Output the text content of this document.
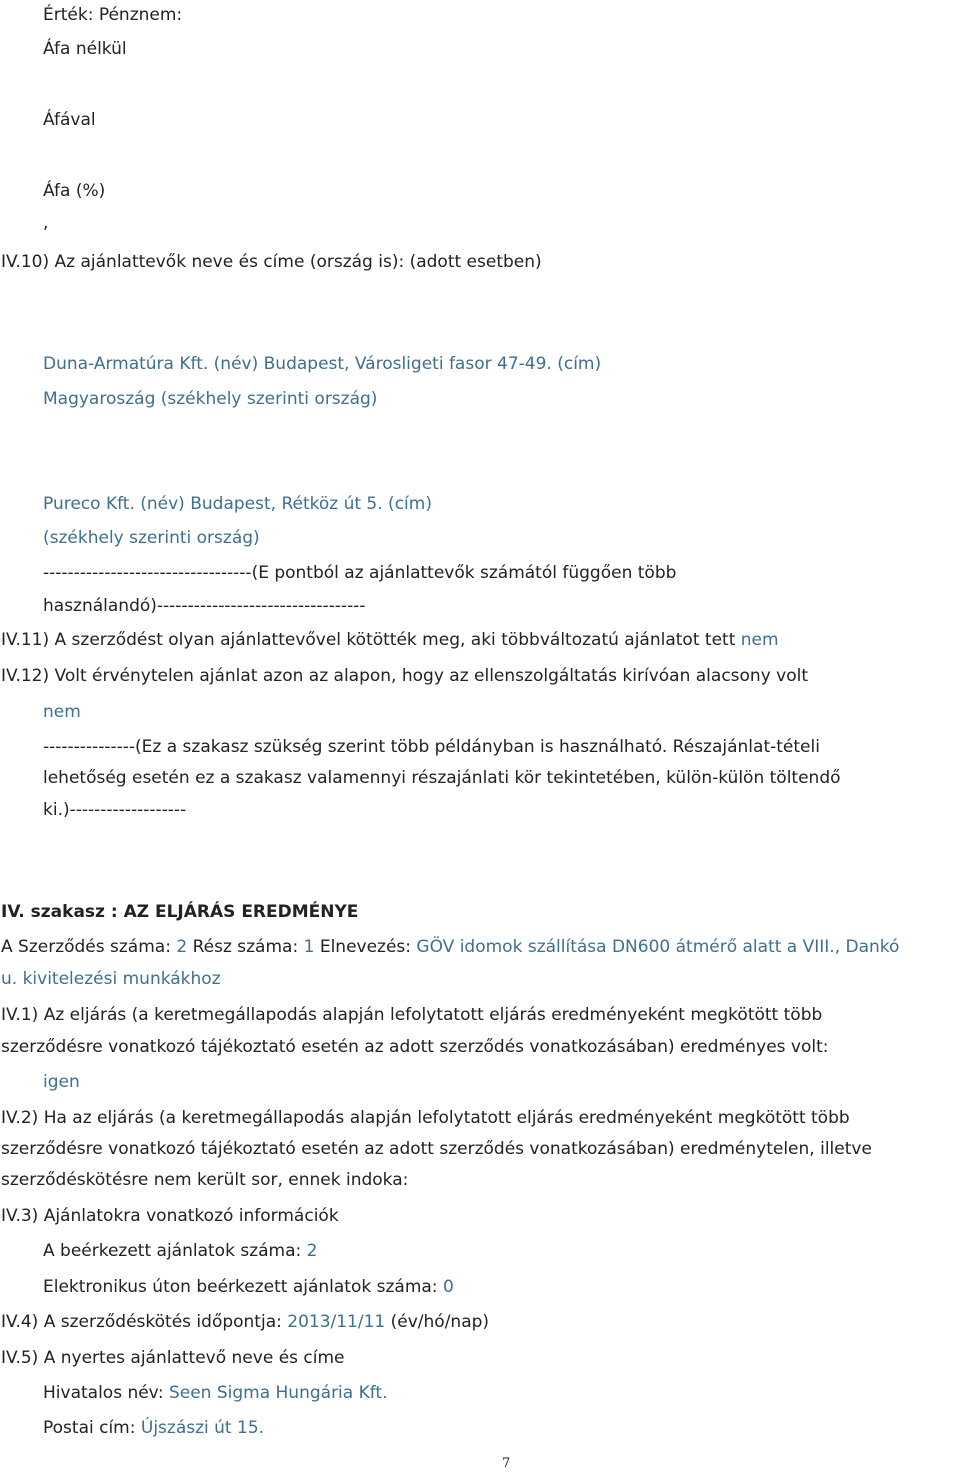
Érték: Pénznem:
Áfa nélkül
Áfával
Áfa (%)
,
IV.10) Az ajánlattevők neve és címe (ország is): (adott esetben)
Duna-Armatúra Kft. (név) Budapest, Városligeti fasor 47-49. (cím)
Magyaroszág (székhely szerinti ország)
Pureco Kft. (név) Budapest, Rétköz út 5. (cím)
(székhely szerinti ország)
----------------------------------(E pontból az ajánlattevők számától függően több
használandó)----------------------------------
IV.11) A szerződést olyan ajánlattevővel kötötték meg, aki többváltozatú ajánlatot tett nem
IV.12) Volt érvénytelen ajánlat azon az alapon, hogy az ellenszolgáltatás kirívóan alacsony volt
nem
---------------(Ez a szakasz szükség szerint több példányban is használható. Részajánlat-tételi
lehetőség esetén ez a szakasz valamennyi részajánlati kör tekintetében, külön-külön töltendő
ki.)-------------------
IV. szakasz : AZ ELJÁRÁS EREDMÉNYE
A Szerződés száma: 2 Rész száma: 1 Elnevezés: GÖV idomok szállítása DN600 átmérő alatt a VIII., Dankó
u. kivitelezési munkákhoz
IV.1) Az eljárás (a keretmegállapodás alapján lefolytatott eljárás eredményeként megkötött több
szerződésre vonatkozó tájékoztató esetén az adott szerződés vonatkozásában) eredményes volt:
igen
IV.2) Ha az eljárás (a keretmegállapodás alapján lefolytatott eljárás eredményeként megkötött több
szerződésre vonatkozó tájékoztató esetén az adott szerződés vonatkozásában) eredménytelen, illetve
szerződéskötésre nem került sor, ennek indoka:
IV.3) Ajánlatokra vonatkozó információk
A beérkezett ajánlatok száma: 2
Elektronikus úton beérkezett ajánlatok száma: 0
IV.4) A szerződéskötés időpontja: 2013/11/11 (év/hó/nap)
IV.5) A nyertes ajánlattevő neve és címe
Hivatalos név: Seen Sigma Hungária Kft.
Postai cím: Újszászi út 15.
7
